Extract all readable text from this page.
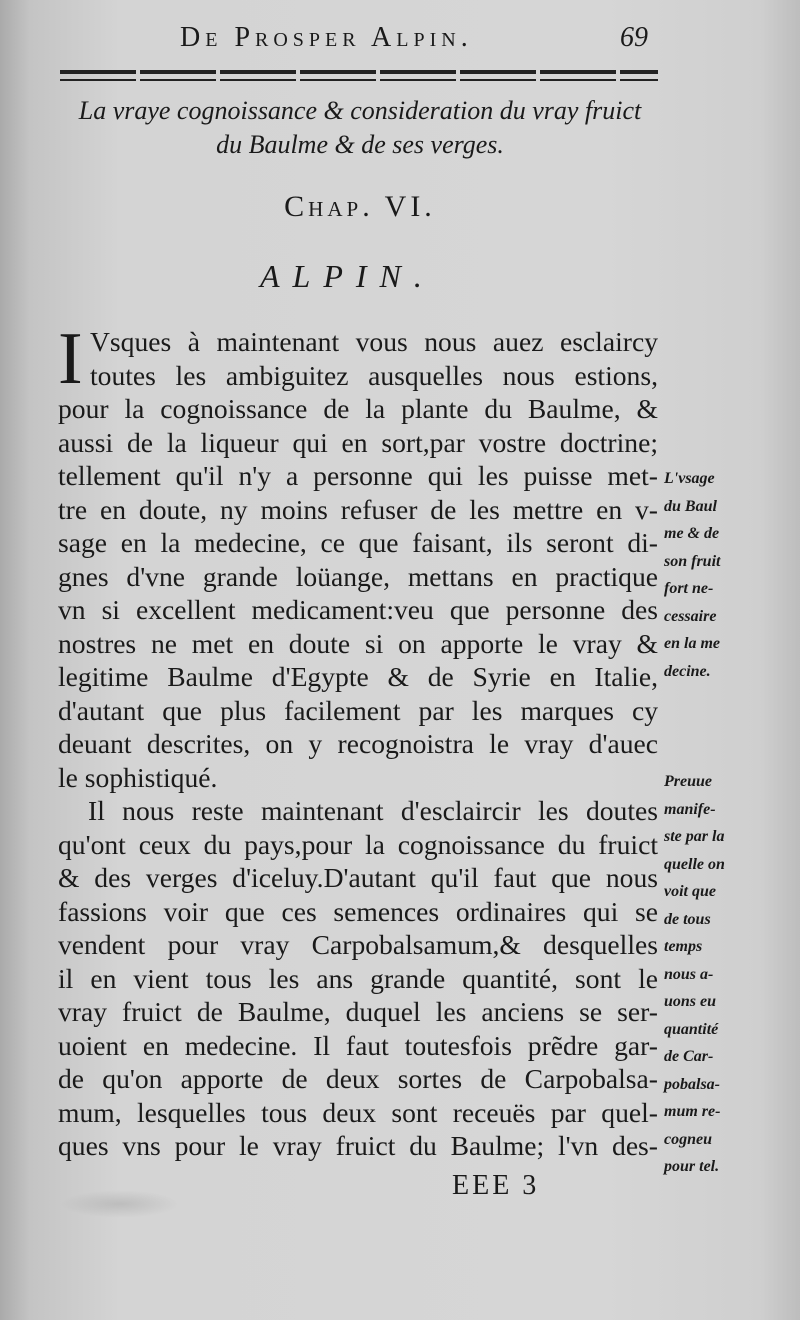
De Prosper Alpin.	69
La vraye cognoissance & consideration du vray fruict
du Baulme & de ses verges.
Chap. VI.
ALPIN.
I Vsques à maintenant vous nous auez esclaircy
toutes les ambiguitez ausquelles nous estions,
pour la cognoissance de la plante du Baulme, &
aussi de la liqueur qui en sort,par vostre doctrine;
tellement qu'il n'y a personne qui les puisse met-
tre en doute, ny moins refuser de les mettre en v-
sage en la medecine, ce que faisant, ils seront di-
gnes d'vne grande loüange, mettans en practique
vn si excellent medicament:veu que personne des
nostres ne met en doute si on apporte le vray &
legitime Baulme d'Egypte & de Syrie en Italie,
d'autant que plus facilement par les marques cy
deuant descrites, on y recognoistra le vray d'auec
le sophistiqué.
Il nous reste maintenant d'esclaircir les doutes
qu'ont ceux du pays,pour la cognoissance du fruict
& des verges d'iceluy.D'autant qu'il faut que nous
fassions voir que ces semences ordinaires qui se
vendent pour vray Carpobalsamum,& desquelles
il en vient tous les ans grande quantité, sont le
vray fruict de Baulme, duquel les anciens se ser-
uoient en medecine. Il faut toutesfois prẽdre gar-
de qu'on apporte de deux sortes de Carpobalsa-
mum, lesquelles tous deux sont receuës par quel-
ques vns pour le vray fruict du Baulme; l'vn des-
L'vsage
du Baul
me & de
son fruit
fort ne-
cessaire
en la me
decine.
Preuue
manife-
ste par la
quelle on
voit que
de tous
temps
nous a-
uons eu
quantité
de Car-
pobalsa-
mum re-
cogneu
pour tel.
EEE 3
